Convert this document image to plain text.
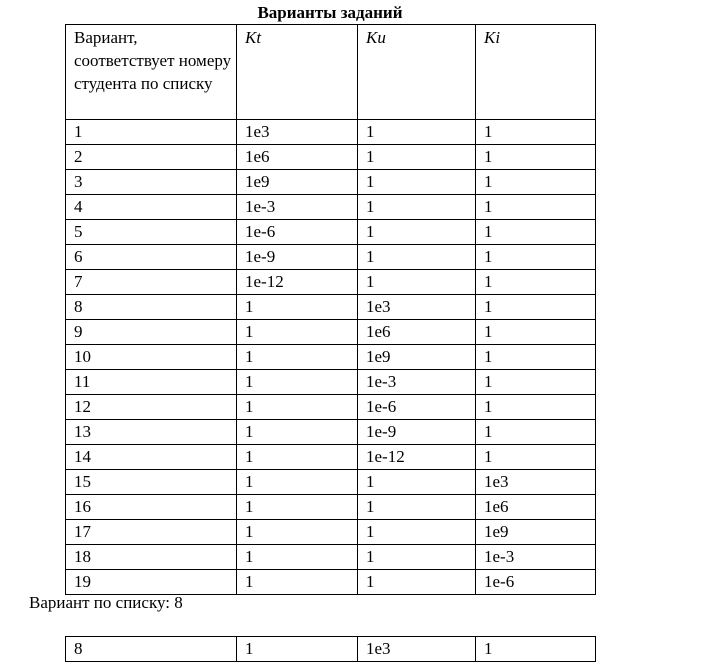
Варианты заданий
Вариант, соответствует номеру студента по списку	Kt	Ku	Ki
1	1e3	1	1
2	1e6	1	1
3	1e9	1	1
4	1e-3	1	1
5	1e-6	1	1
6	1e-9	1	1
7	1e-12	1	1
8	1	1e3	1
9	1	1e6	1
10	1	1e9	1
11	1	1e-3	1
12	1	1e-6	1
13	1	1e-9	1
14	1	1e-12	1
15	1	1	1e3
16	1	1	1e6
17	1	1	1e9
18	1	1	1e-3
19	1	1	1e-6
Вариант по списку: 8
8	1	1e3	1
